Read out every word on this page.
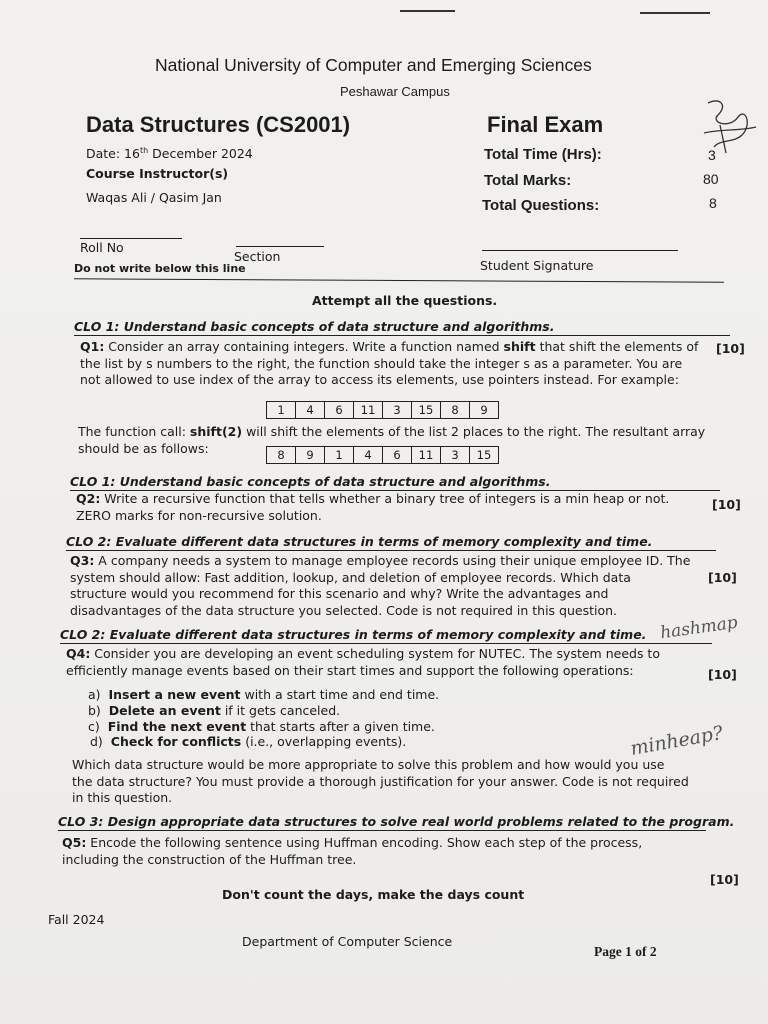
National University of Computer and Emerging Sciences
Peshawar Campus
Data Structures (CS2001)	Final Exam
Date: 16th December 2024
Course Instructor(s)
Waqas Ali / Qasim Jan
Total Time (Hrs):	3
Total Marks:	80
Total Questions:	8
Roll No
Section
Student Signature
Do not write below this line
Attempt all the questions.
CLO 1: Understand basic concepts of data structure and algorithms.
Q1: Consider an array containing integers. Write a function named shift that shift the elements of
the list by s numbers to the right, the function should take the integer s as a parameter. You are
not allowed to use index of the array to access its elements, use pointers instead. For example:
[10]
1	4	6	11	3	15	8	9
The function call: shift(2) will shift the elements of the list 2 places to the right. The resultant array
should be as follows:	8	9	1	4	6	11	3	15
CLO 1: Understand basic concepts of data structure and algorithms.
Q2: Write a recursive function that tells whether a binary tree of integers is a min heap or not.
ZERO marks for non-recursive solution.
[10]
CLO 2: Evaluate different data structures in terms of memory complexity and time.
Q3: A company needs a system to manage employee records using their unique employee ID. The
system should allow: Fast addition, lookup, and deletion of employee records. Which data
structure would you recommend for this scenario and why? Write the advantages and
disadvantages of the data structure you selected. Code is not required in this question.
[10]
hashmap
CLO 2: Evaluate different data structures in terms of memory complexity and time.
Q4: Consider you are developing an event scheduling system for NUTEC. The system needs to
efficiently manage events based on their start times and support the following operations:	[10]
a) Insert a new event with a start time and end time.
b) Delete an event if it gets canceled.
c) Find the next event that starts after a given time.
d) Check for conflicts (i.e., overlapping events).	minheap?
Which data structure would be more appropriate to solve this problem and how would you use
the data structure? You must provide a thorough justification for your answer. Code is not required
in this question.
CLO 3: Design appropriate data structures to solve real world problems related to the program.
Q5: Encode the following sentence using Huffman encoding. Show each step of the process,
including the construction of the Huffman tree.
[10]
Don't count the days, make the days count
Fall 2024
Department of Computer Science
Page 1 of 2
